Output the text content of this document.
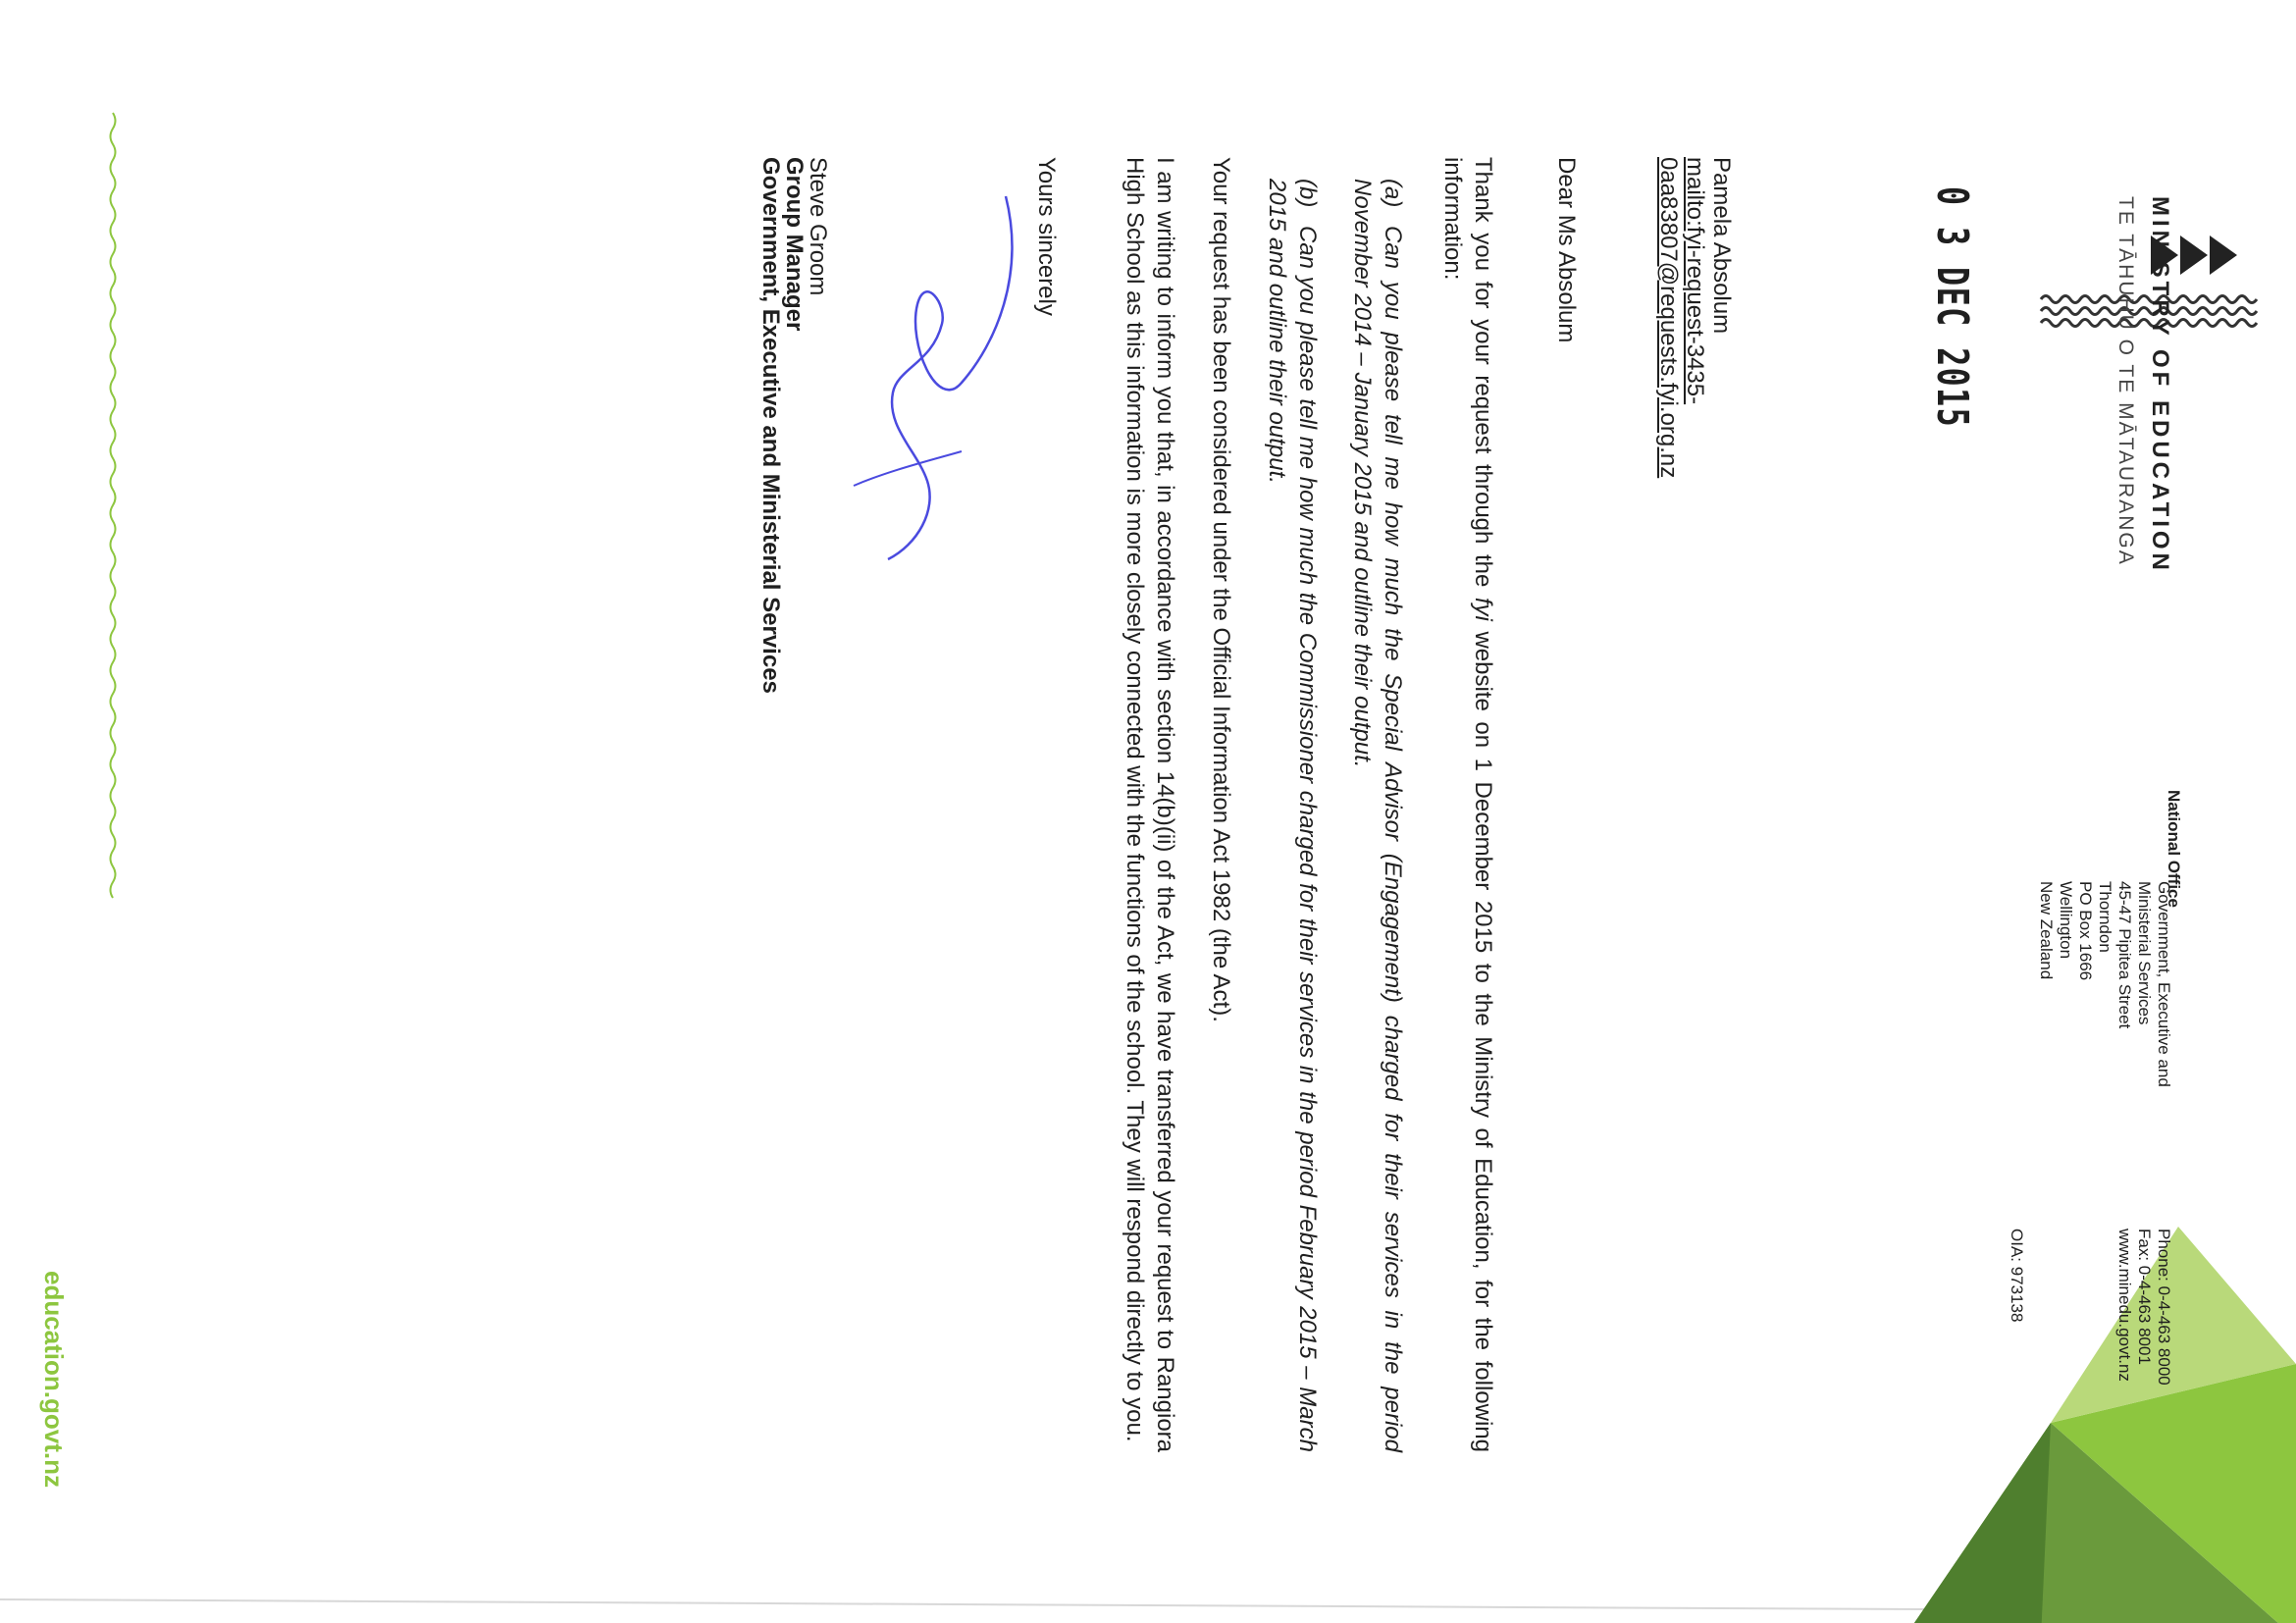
MINISTRY OF EDUCATION
TE TĀHUHU O TE MĀTAURANGA
National Office
Government, Executive and
Ministerial Services
45-47 Pipitea Street
Thorndon
PO Box 1666
Wellington
New Zealand
Phone: 0-4-463 8000
Fax: 0-4-463 8001
www.minedu.govt.nz
OIA: 973138
0 3 DEC 2015
Pamela Absolum
mailto:fyi-request-3435-
0aa83807@requests.fyi.org.nz
Dear Ms Absolum
Thank you for your request through the fyi website on 1 December 2015 to the Ministry of Education, for the following information:
(a)Can you please tell me how much the Special Advisor (Engagement) charged for their services in the period November 2014 – January 2015 and outline their output.
(b)Can you please tell me how much the Commissioner charged for their services in the period February 2015 – March 2015 and outline their output.
Your request has been considered under the Official Information Act 1982 (the Act).
I am writing to inform you that, in accordance with section 14(b)(ii) of the Act, we have transferred your request to Rangiora High School as this information is more closely connected with the functions of the school. They will respond directly to you.
Yours sincerely
Steve Groom
Group Manager
Government, Executive and Ministerial Services
education.govt.nz
